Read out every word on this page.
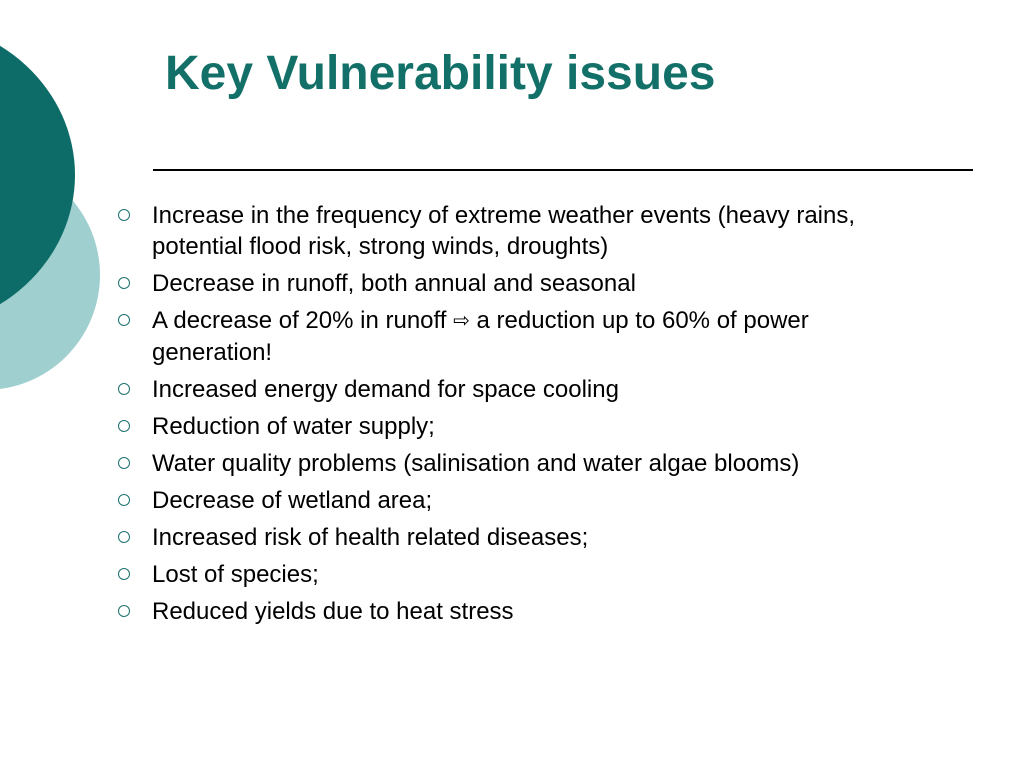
Key Vulnerability issues
Increase in the frequency of extreme weather events (heavy rains, potential flood risk, strong winds, droughts)
Decrease in runoff, both annual and seasonal
A decrease of 20% in runoff ⇨ a reduction up to 60% of power generation!
Increased energy demand for space cooling
Reduction of water supply;
Water quality problems (salinisation and water algae blooms)
Decrease of wetland area;
Increased risk of health related diseases;
Lost of species;
Reduced yields due to heat stress
